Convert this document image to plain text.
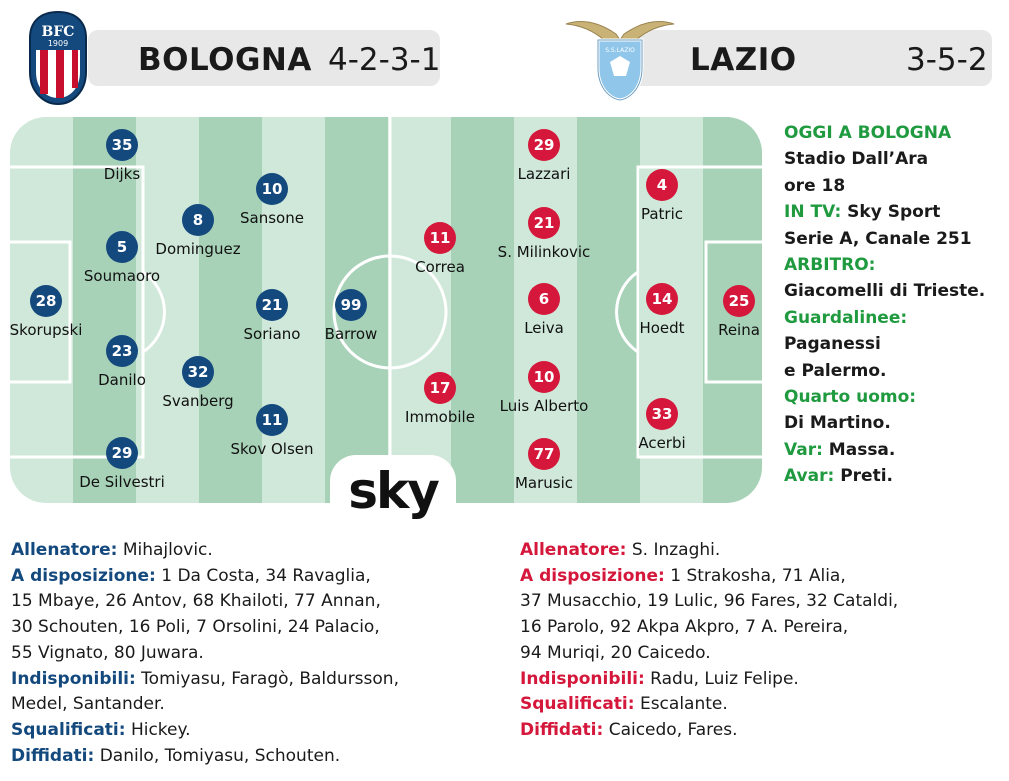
BFC
1909 BOLOGNA 4-2-3-1	S.S.LAZIO LAZIO	3-5-2
35
Dijks
5
Soumaoro
28
Skorupski
23
Danilo
29
De Silvestri
8
Dominguez
32
Svanberg
10
Sansone
21
Soriano
11
Skov Olsen
99
Barrow
29
Lazzari
21
S. Milinkovic
11
Correa
6
Leiva
17
Immobile
10
Luis Alberto
77
Marusic
4
Patric
14
Hoedt
33
Acerbi
25
Reina
sky
OGGI A BOLOGNA
Stadio Dall’Ara
ore 18
IN TV: Sky Sport
Serie A, Canale 251
ARBITRO:
Giacomelli di Trieste.
Guardalinee:
Paganessi
e Palermo.
Quarto uomo:
Di Martino.
Var: Massa.
Avar: Preti.
Allenatore: Mihajlovic.
A disposizione: 1 Da Costa, 34 Ravaglia,
15 Mbaye, 26 Antov, 68 Khailoti, 77 Annan,
30 Schouten, 16 Poli, 7 Orsolini, 24 Palacio,
55 Vignato, 80 Juwara.
Indisponibili: Tomiyasu, Faragò, Baldursson,
Medel, Santander.
Squalificati: Hickey.
Diffidati: Danilo, Tomiyasu, Schouten.
Allenatore: S. Inzaghi.
A disposizione: 1 Strakosha, 71 Alia,
37 Musacchio, 19 Lulic, 96 Fares, 32 Cataldi,
16 Parolo, 92 Akpa Akpro, 7 A. Pereira,
94 Muriqi, 20 Caicedo.
Indisponibili: Radu, Luiz Felipe.
Squalificati: Escalante.
Diffidati: Caicedo, Fares.
